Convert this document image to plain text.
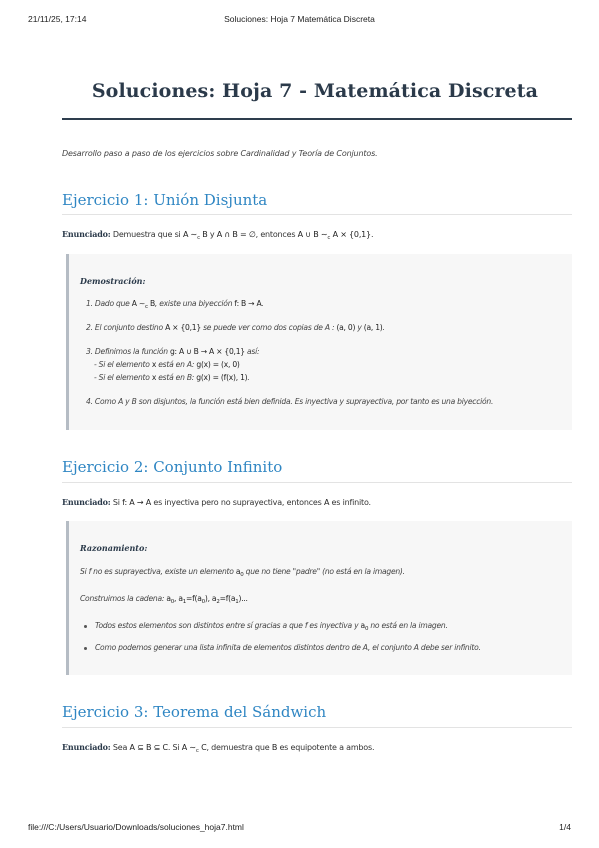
21/11/25, 17:14	Soluciones: Hoja 7 Matemática Discreta
Soluciones: Hoja 7 - Matemática Discreta
Desarrollo paso a paso de los ejercicios sobre Cardinalidad y Teoría de Conjuntos.
Ejercicio 1: Unión Disjunta
Enunciado: Demuestra que si A $\sim_c$ B y A ∩ B = ∅, entonces A ∪ B $\sim_c$ A × {0,1}.
Demostración:
1. Dado que A $\sim_c$ B, existe una biyección f: B → A.
2. El conjunto destino A × {0,1} se puede ver como dos copias de A : (a, 0) y (a, 1).
3. Definimos la función g: A ∪ B → A × {0,1} así:
- Si el elemento x está en A: g(x) = (x, 0)
- Si el elemento x está en B: g(x) = (f(x), 1).
4. Como A y B son disjuntos, la función está bien definida. Es inyectiva y suprayectiva, por tanto es una biyección.
Ejercicio 2: Conjunto Infinito
Enunciado: Si f: A → A es inyectiva pero no suprayectiva, entonces A es infinito.
Razonamiento:
Si f no es suprayectiva, existe un elemento $a_0$ que no tiene "padre" (no está en la imagen).
Construimos la cadena: $a_0$, $a_1=f(a_0)$, $a_2=f(a_1)$...
Todos estos elementos son distintos entre sí gracias a que f es inyectiva y $a_0$ no está en la imagen.
Como podemos generar una lista infinita de elementos distintos dentro de A, el conjunto A debe ser infinito.
Ejercicio 3: Teorema del Sándwich
Enunciado: Sea A ⊆ B ⊆ C. Si A $\sim_c$ C, demuestra que B es equipotente a ambos.
file:///C:/Users/Usuario/Downloads/soluciones_hoja7.html	1/4
